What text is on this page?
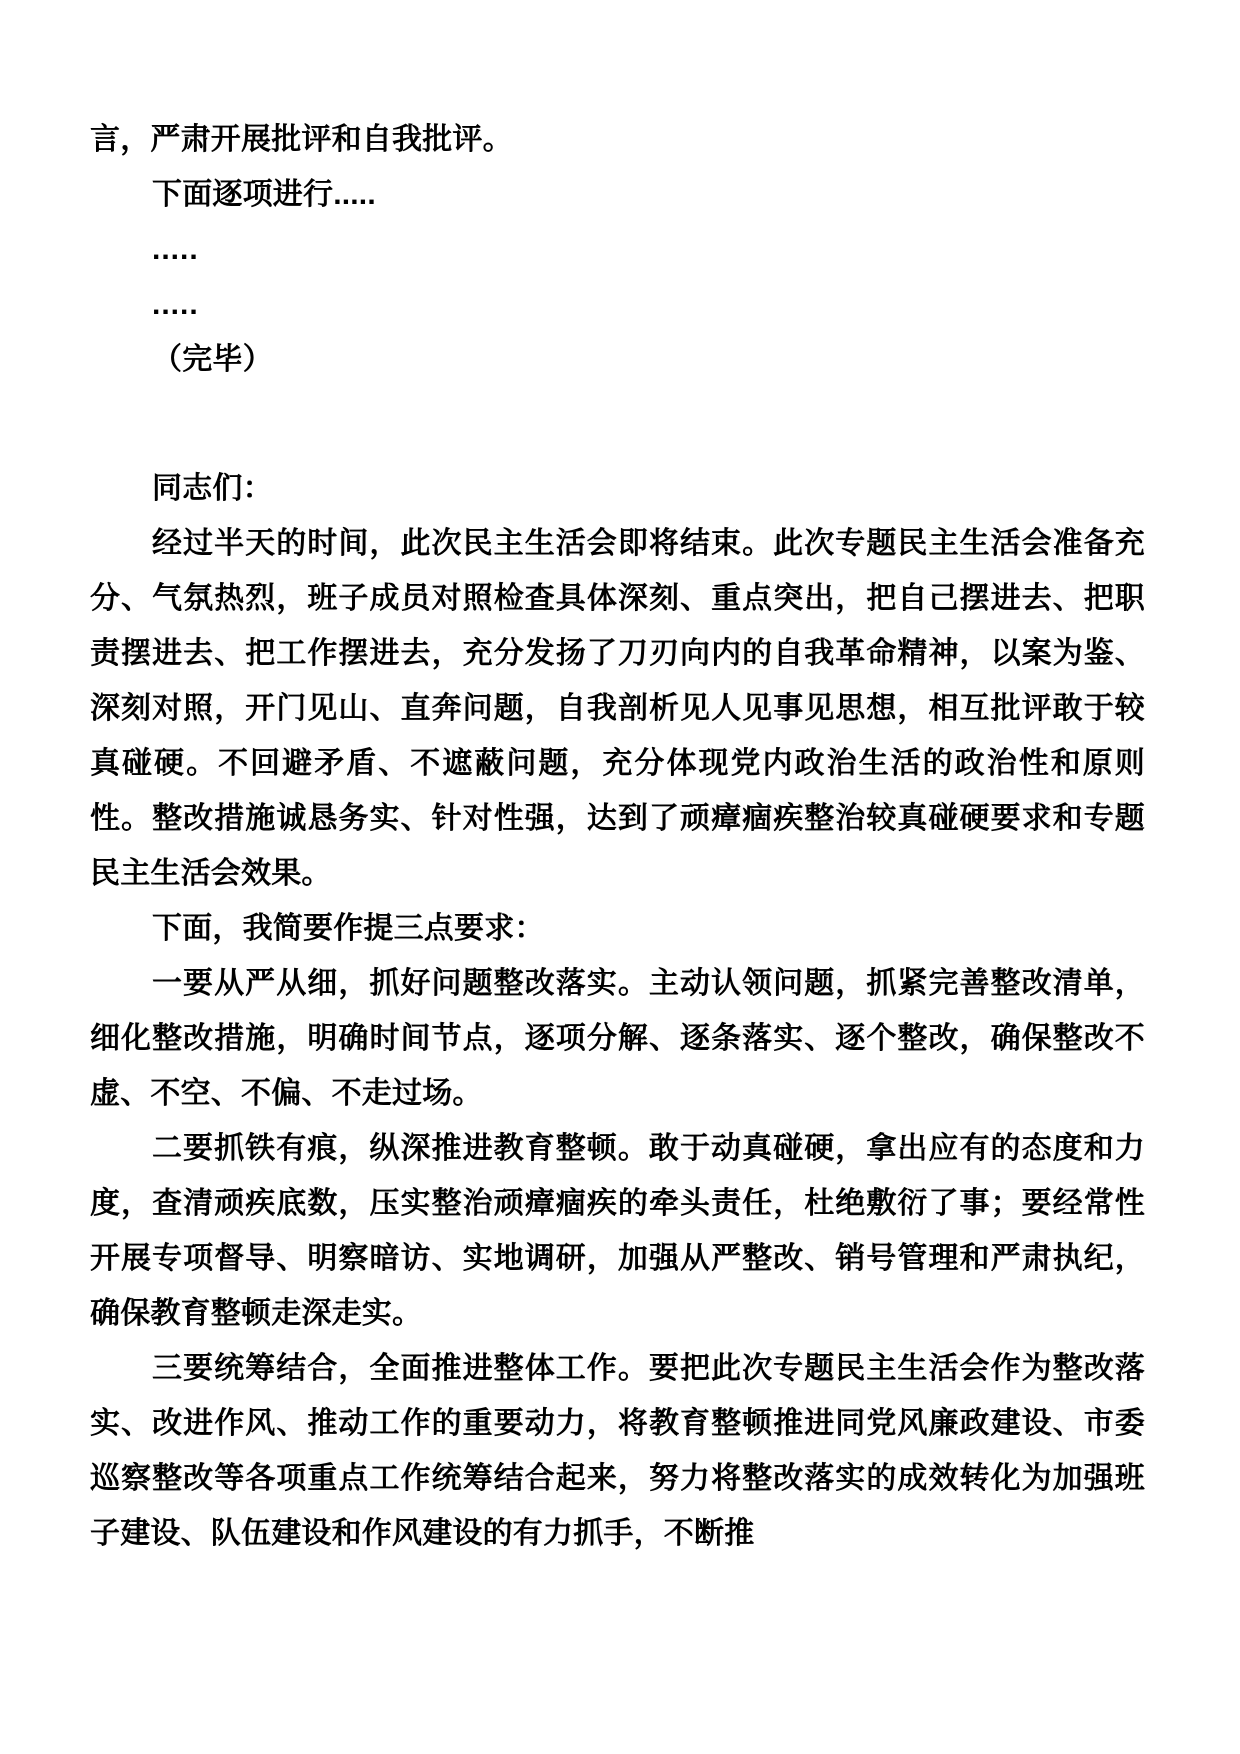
言，严肃开展批评和自我批评。

下面逐项进行.....

.....

.....

（完毕）

同志们：

经过半天的时间，此次民主生活会即将结束。此次专题民主生活会准备充分、气氛热烈，班子成员对照检查具体深刻、重点突出，把自己摆进去、把职责摆进去、把工作摆进去，充分发扬了刀刃向内的自我革命精神，以案为鉴、深刻对照，开门见山、直奔问题，自我剖析见人见事见思想，相互批评敢于较真碰硬。不回避矛盾、不遮蔽问题，充分体现党内政治生活的政治性和原则性。整改措施诚恳务实、针对性强，达到了顽瘴痼疾整治较真碰硬要求和专题民主生活会效果。

下面，我简要作提三点要求：

一要从严从细，抓好问题整改落实。主动认领问题，抓紧完善整改清单，细化整改措施，明确时间节点，逐项分解、逐条落实、逐个整改，确保整改不虚、不空、不偏、不走过场。

二要抓铁有痕，纵深推进教育整顿。敢于动真碰硬，拿出应有的态度和力度，查清顽疾底数，压实整治顽瘴痼疾的牵头责任，杜绝敷衍了事；要经常性开展专项督导、明察暗访、实地调研，加强从严整改、销号管理和严肃执纪，确保教育整顿走深走实。

三要统筹结合，全面推进整体工作。要把此次专题民主生活会作为整改落实、改进作风、推动工作的重要动力，将教育整顿推进同党风廉政建设、市委巡察整改等各项重点工作统筹结合起来，努力将整改落实的成效转化为加强班子建设、队伍建设和作风建设的有力抓手，不断推
